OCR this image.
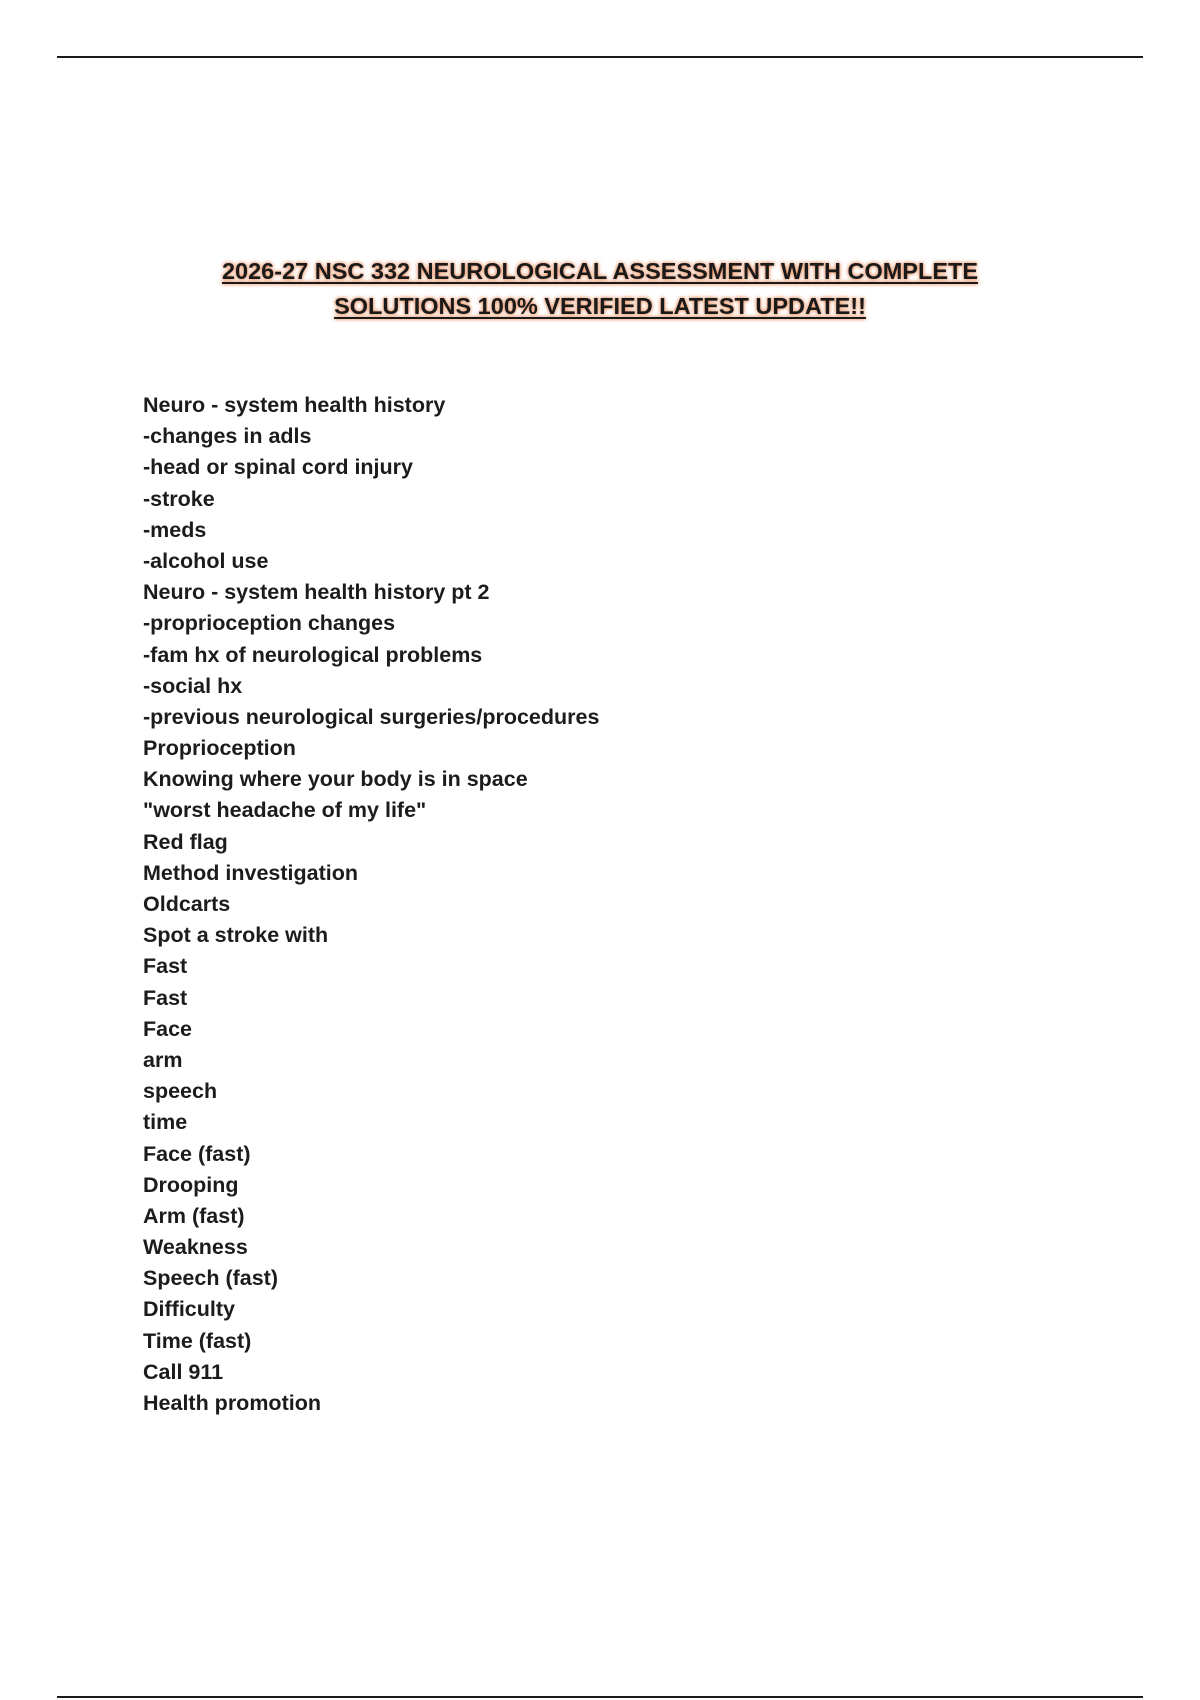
2026-27 NSC 332 NEUROLOGICAL ASSESSMENT WITH COMPLETE
SOLUTIONS 100% VERIFIED LATEST UPDATE!!
Neuro - system health history
-changes in adls
-head or spinal cord injury
-stroke
-meds
-alcohol use
Neuro - system health history pt 2
-proprioception changes
-fam hx of neurological problems
-social hx
-previous neurological surgeries/procedures
Proprioception
Knowing where your body is in space
"worst headache of my life"
Red flag
Method investigation
Oldcarts
Spot a stroke with
Fast
Fast
Face
arm
speech
time
Face (fast)
Drooping
Arm (fast)
Weakness
Speech (fast)
Difficulty
Time (fast)
Call 911
Health promotion
